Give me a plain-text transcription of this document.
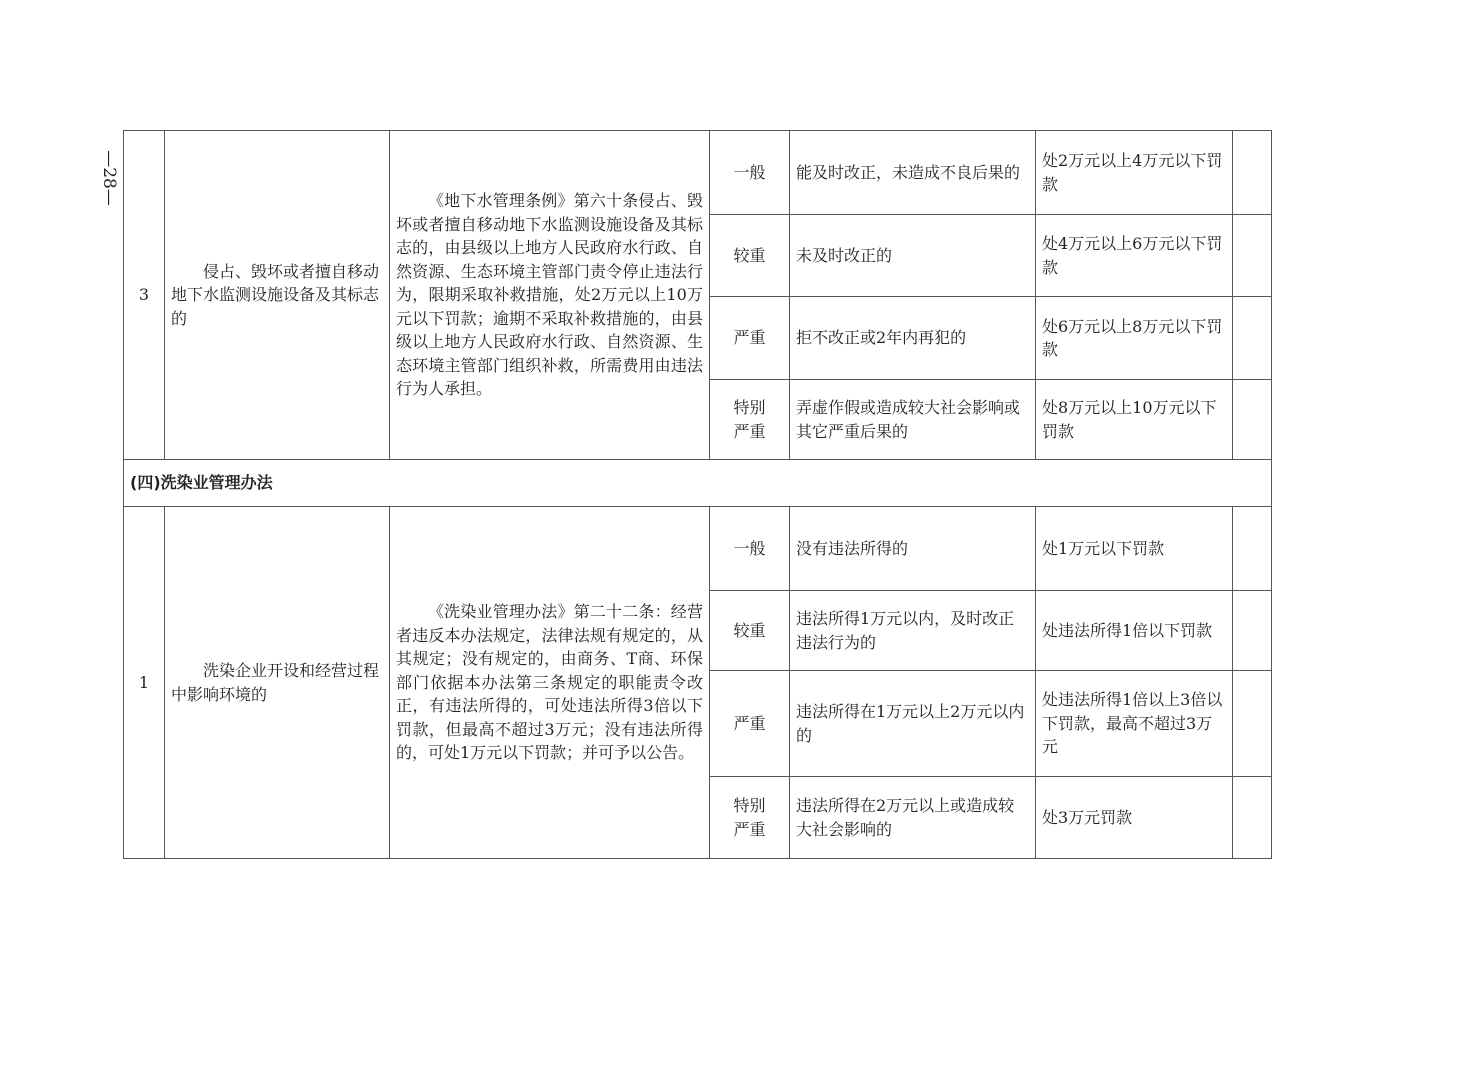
—28—
3	侵占、毁坏或者擅自移动地下水监测设施设备及其标志的	《地下水管理条例》第六十条侵占、毁坏或者擅自移动地下水监测设施设备及其标志的，由县级以上地方人民政府水行政、自然资源、生态环境主管部门责令停止违法行为，限期采取补救措施，处2万元以上10万元以下罚款；逾期不采取补救措施的，由县级以上地方人民政府水行政、自然资源、生态环境主管部门组织补救，所需费用由违法行为人承担。	一般	能及时改正，未造成不良后果的	处2万元以上4万元以下罚款	

			较重	未及时改正的	处4万元以上6万元以下罚款	

			严重	拒不改正或2年内再犯的	处6万元以上8万元以下罚款	

			特别
严重	弄虚作假或造成较大社会影响或其它严重后果的	处8万元以上10万元以下罚款	
(四)洗染业管理办法						
1	洗染企业开设和经营过程中影响环境的	《洗染业管理办法》第二十二条：经营者违反本办法规定，法律法规有规定的，从其规定；没有规定的，由商务、T商、环保部门依据本办法第三条规定的职能责令改正，有违法所得的，可处违法所得3倍以下罚款，但最高不超过3万元；没有违法所得的，可处1万元以下罚款；并可予以公告。	一般	没有违法所得的	处1万元以下罚款	

			较重	违法所得1万元以内，及时改正违法行为的	处违法所得1倍以下罚款	

			严重	违法所得在1万元以上2万元以内的	处违法所得1倍以上3倍以下罚款，最高不超过3万元	

			特别
严重	违法所得在2万元以上或造成较大社会影响的	处3万元罚款	
